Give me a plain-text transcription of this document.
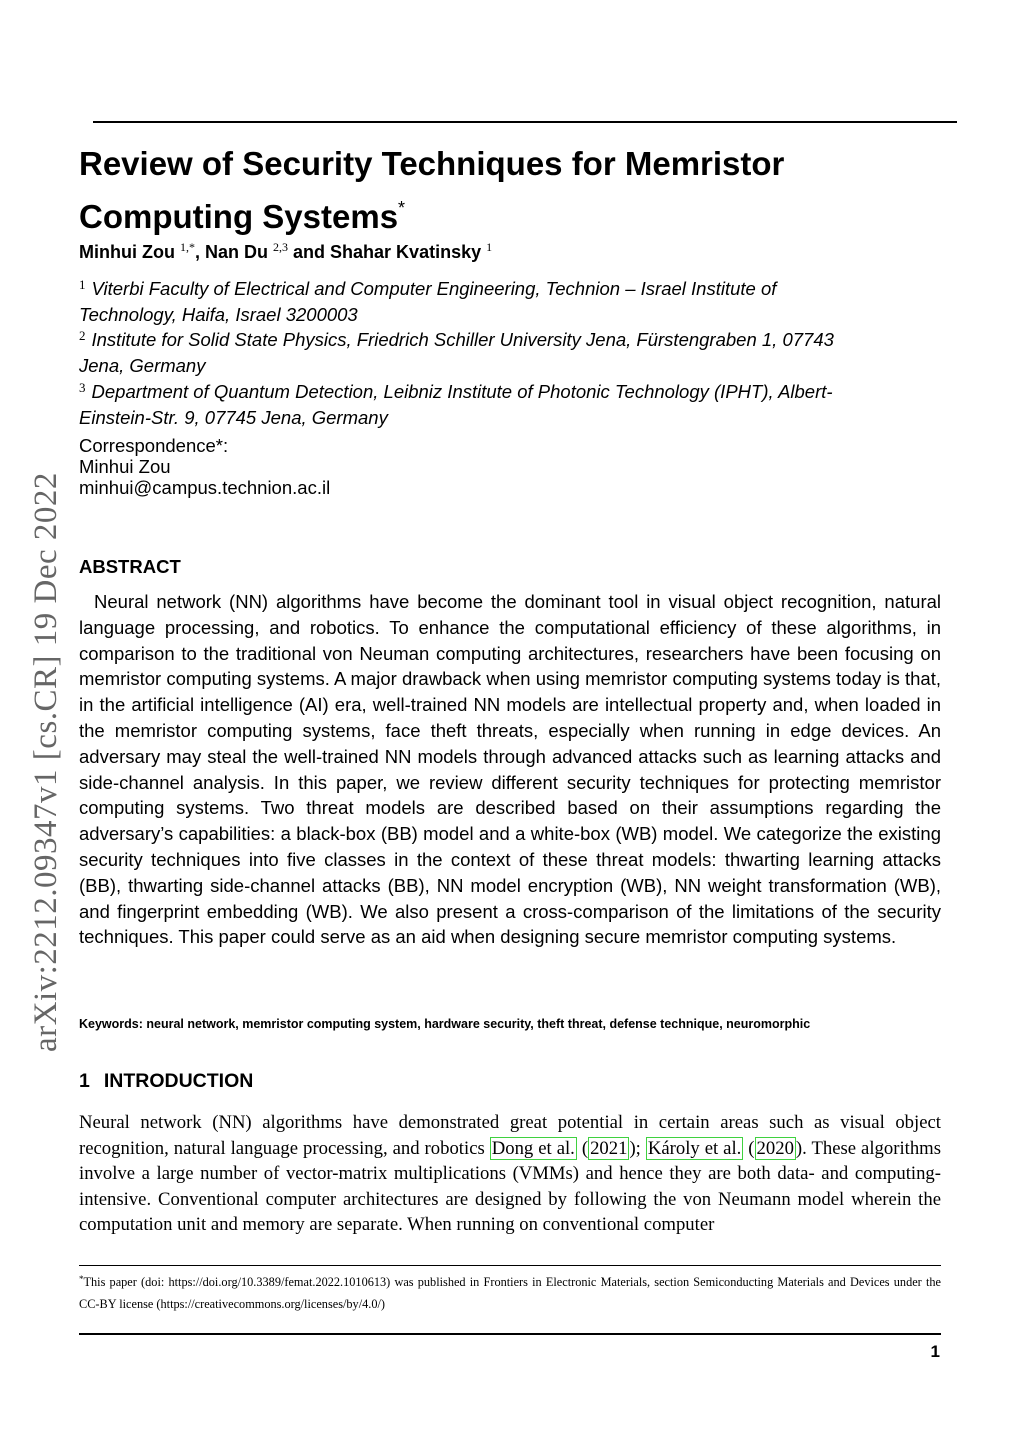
arXiv:2212.09347v1 [cs.CR] 19 Dec 2022
Review of Security Techniques for Memristor Computing Systems*
Minhui Zou $^{1,*}$, Nan Du $^{2,3}$ and Shahar Kvatinsky $^1$
$^1$ Viterbi Faculty of Electrical and Computer Engineering, Technion – Israel Institute of Technology, Haifa, Israel 3200003
$^2$ Institute for Solid State Physics, Friedrich Schiller University Jena, Fürstengraben 1, 07743 Jena, Germany
$^3$ Department of Quantum Detection, Leibniz Institute of Photonic Technology (IPHT), Albert-Einstein-Str. 9, 07745 Jena, Germany
Correspondence*:
Minhui Zou
minhui@campus.technion.ac.il
ABSTRACT
Neural network (NN) algorithms have become the dominant tool in visual object recognition, natural language processing, and robotics. To enhance the computational efficiency of these algorithms, in comparison to the traditional von Neuman computing architectures, researchers have been focusing on memristor computing systems. A major drawback when using memristor computing systems today is that, in the artificial intelligence (AI) era, well-trained NN models are intellectual property and, when loaded in the memristor computing systems, face theft threats, especially when running in edge devices. An adversary may steal the well-trained NN models through advanced attacks such as learning attacks and side-channel analysis. In this paper, we review different security techniques for protecting memristor computing systems. Two threat models are described based on their assumptions regarding the adversary’s capabilities: a black-box (BB) model and a white-box (WB) model. We categorize the existing security techniques into five classes in the context of these threat models: thwarting learning attacks (BB), thwarting side-channel attacks (BB), NN model encryption (WB), NN weight transformation (WB), and fingerprint embedding (WB). We also present a cross-comparison of the limitations of the security techniques. This paper could serve as an aid when designing secure memristor computing systems.
Keywords: neural network, memristor computing system, hardware security, theft threat, defense technique, neuromorphic
1 INTRODUCTION
Neural network (NN) algorithms have demonstrated great potential in certain areas such as visual object recognition, natural language processing, and robotics Dong et al. ( 2021 ); Károly et al. ( 2020 ). These algorithms involve a large number of vector-matrix multiplications (VMMs) and hence they are both data- and computing-intensive. Conventional computer architectures are designed by following the von Neumann model wherein the computation unit and memory are separate. When running on conventional computer
*This paper (doi: https://doi.org/10.3389/femat.2022.1010613) was published in Frontiers in Electronic Materials, section Semiconducting Materials and Devices under the CC-BY license (https://creativecommons.org/licenses/by/4.0/)
1
